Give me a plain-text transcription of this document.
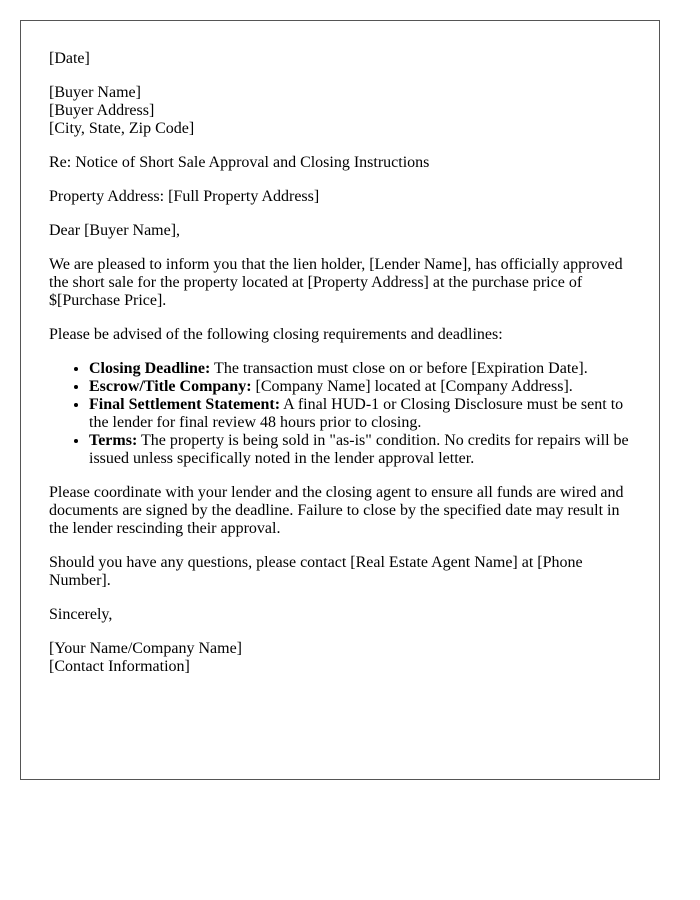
[Date]

[Buyer Name]
[Buyer Address]
[City, State, Zip Code]

Re: Notice of Short Sale Approval and Closing Instructions

Property Address: [Full Property Address]

Dear [Buyer Name],

We are pleased to inform you that the lien holder, [Lender Name], has officially approved the short sale for the property located at [Property Address] at the purchase price of $[Purchase Price].

Please be advised of the following closing requirements and deadlines:

• Closing Deadline: The transaction must close on or before [Expiration Date].
• Escrow/Title Company: [Company Name] located at [Company Address].
• Final Settlement Statement: A final HUD-1 or Closing Disclosure must be sent to the lender for final review 48 hours prior to closing.
• Terms: The property is being sold in "as-is" condition. No credits for repairs will be issued unless specifically noted in the lender approval letter.

Please coordinate with your lender and the closing agent to ensure all funds are wired and documents are signed by the deadline. Failure to close by the specified date may result in the lender rescinding their approval.

Should you have any questions, please contact [Real Estate Agent Name] at [Phone Number].

Sincerely,

[Your Name/Company Name]
[Contact Information]
